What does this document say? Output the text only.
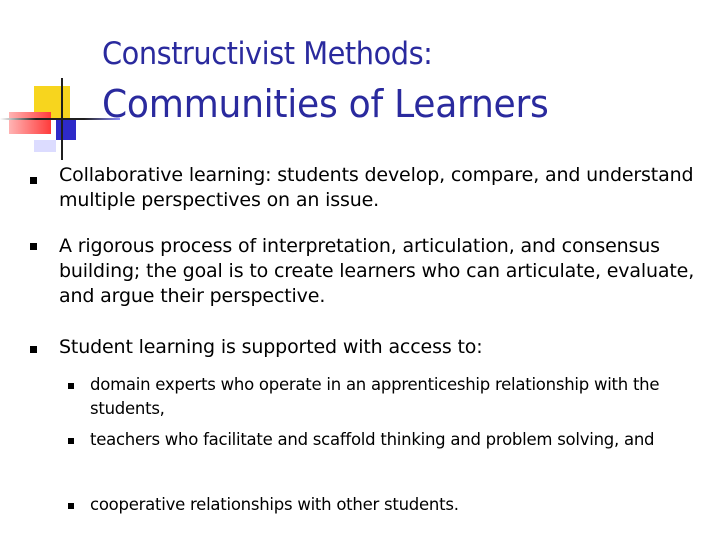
Constructivist Methods:
Communities of Learners
Collaborative learning: students develop, compare, and understand multiple perspectives on an issue.
A rigorous process of interpretation, articulation, and consensus building; the goal is to create learners who can articulate, evaluate, and argue their perspective.
Student learning is supported with access to:
domain experts who operate in an apprenticeship relationship with the students,
teachers who facilitate and scaffold thinking and problem solving, and
cooperative relationships with other students.
